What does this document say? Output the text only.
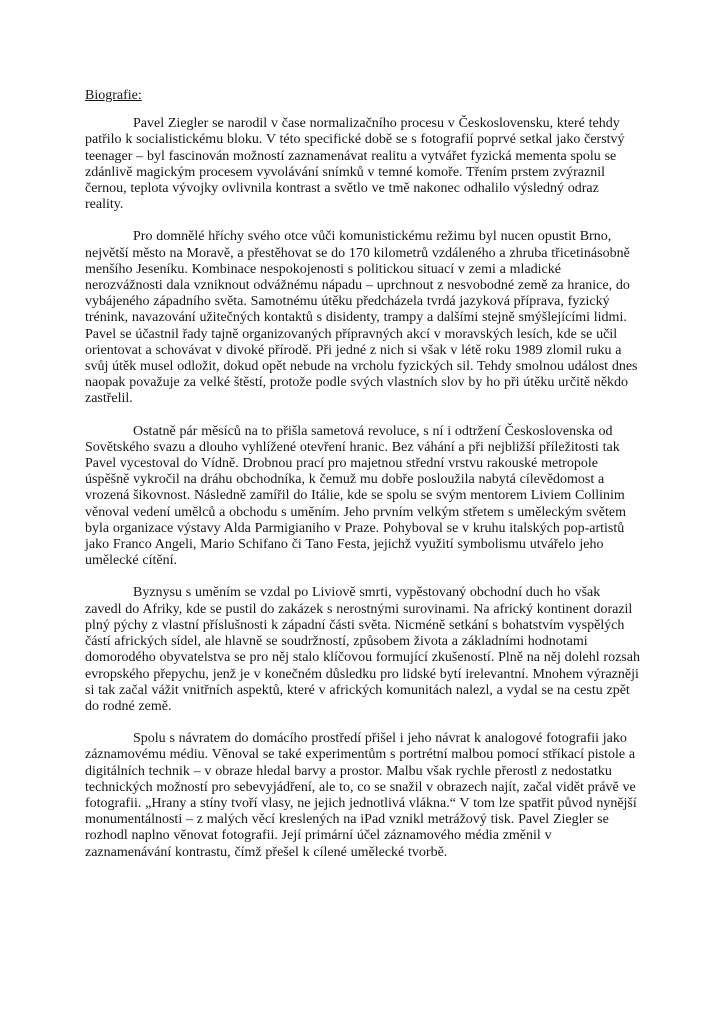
Biografie:

Pavel Ziegler se narodil v čase normalizačního procesu v Československu, které tehdy patřilo k socialistickému bloku. V této specifické době se s fotografií poprvé setkal jako čerstvý teenager – byl fascinován možností zaznamenávat realitu a vytvářet fyzická mementa spolu se zdánlivě magickým procesem vyvolávání snímků v temné komoře. Třením prstem zvýraznil černou, teplota vývojky ovlivnila kontrast a světlo ve tmě nakonec odhalilo výsledný odraz reality.

Pro domnělé hříchy svého otce vůči komunistickému režimu byl nucen opustit Brno, největší město na Moravě, a přestěhovat se do 170 kilometrů vzdáleného a zhruba třicetinásobně menšího Jeseníku. Kombinace nespokojenosti s politickou situací v zemi a mladické nerozvážnosti dala vzniknout odvážnému nápadu – uprchnout z nesvobodné země za hranice, do vybájeného západního světa. Samotnému útěku předcházela tvrdá jazyková příprava, fyzický trénink, navazování užitečných kontaktů s disidenty, trampy a dalšími stejně smýšlejícími lidmi. Pavel se účastnil řady tajně organizovaných přípravných akcí v moravských lesích, kde se učil orientovat a schovávat v divoké přírodě. Při jedné z nich si však v létě roku 1989 zlomil ruku a svůj útěk musel odložit, dokud opět nebude na vrcholu fyzických sil. Tehdy smolnou událost dnes naopak považuje za velké štěstí, protože podle svých vlastních slov by ho při útěku určitě někdo zastřelil.

Ostatně pár měsíců na to přišla sametová revoluce, s ní i odtržení Československa od Sovětského svazu a dlouho vyhlížené otevření hranic. Bez váhání a při nejbližší příležitosti tak Pavel vycestoval do Vídně. Drobnou prací pro majetnou střední vrstvu rakouské metropole úspěšně vykročil na dráhu obchodníka, k čemuž mu dobře posloužila nabytá cílevědomost a vrozená šikovnost. Následně zamířil do Itálie, kde se spolu se svým mentorem Liviem Collinim věnoval vedení umělců a obchodu s uměním. Jeho prvním velkým střetem s uměleckým světem byla organizace výstavy Alda Parmigianiho v Praze. Pohyboval se v kruhu italských pop-artistů jako Franco Angeli, Mario Schifano či Tano Festa, jejichž využití symbolismu utvářelo jeho umělecké cítění.

Byznysu s uměním se vzdal po Liviově smrti, vypěstovaný obchodní duch ho však zavedl do Afriky, kde se pustil do zakázek s nerostnými surovinami. Na africký kontinent dorazil plný pýchy z vlastní příslušnosti k západní části světa. Nicméně setkání s bohatstvím vyspělých částí afrických sídel, ale hlavně se soudržností, způsobem života a základními hodnotami domorodého obyvatelstva se pro něj stalo klíčovou formující zkušeností. Plně na něj dolehl rozsah evropského přepychu, jenž je v konečném důsledku pro lidské bytí irelevantní. Mnohem výrazněji si tak začal vážit vnitřních aspektů, které v afrických komunitách nalezl, a vydal se na cestu zpět do rodné země.

Spolu s návratem do domácího prostředí přišel i jeho návrat k analogové fotografii jako záznamovému médiu. Věnoval se také experimentům s portrétní malbou pomocí stříkací pistole a digitálních technik – v obraze hledal barvy a prostor. Malbu však rychle přerostl z nedostatku technických možností pro sebevyjádření, ale to, co se snažil v obrazech najít, začal vidět právě ve fotografii. „Hrany a stíny tvoří vlasy, ne jejich jednotlivá vlákna.“ V tom lze spatřit původ nynější monumentálnosti – z malých věcí kreslených na iPad vznikl metrážový tisk. Pavel Ziegler se rozhodl naplno věnovat fotografii. Její primární účel záznamového média změnil v zaznamenávání kontrastu, čímž přešel k cílené umělecké tvorbě.
